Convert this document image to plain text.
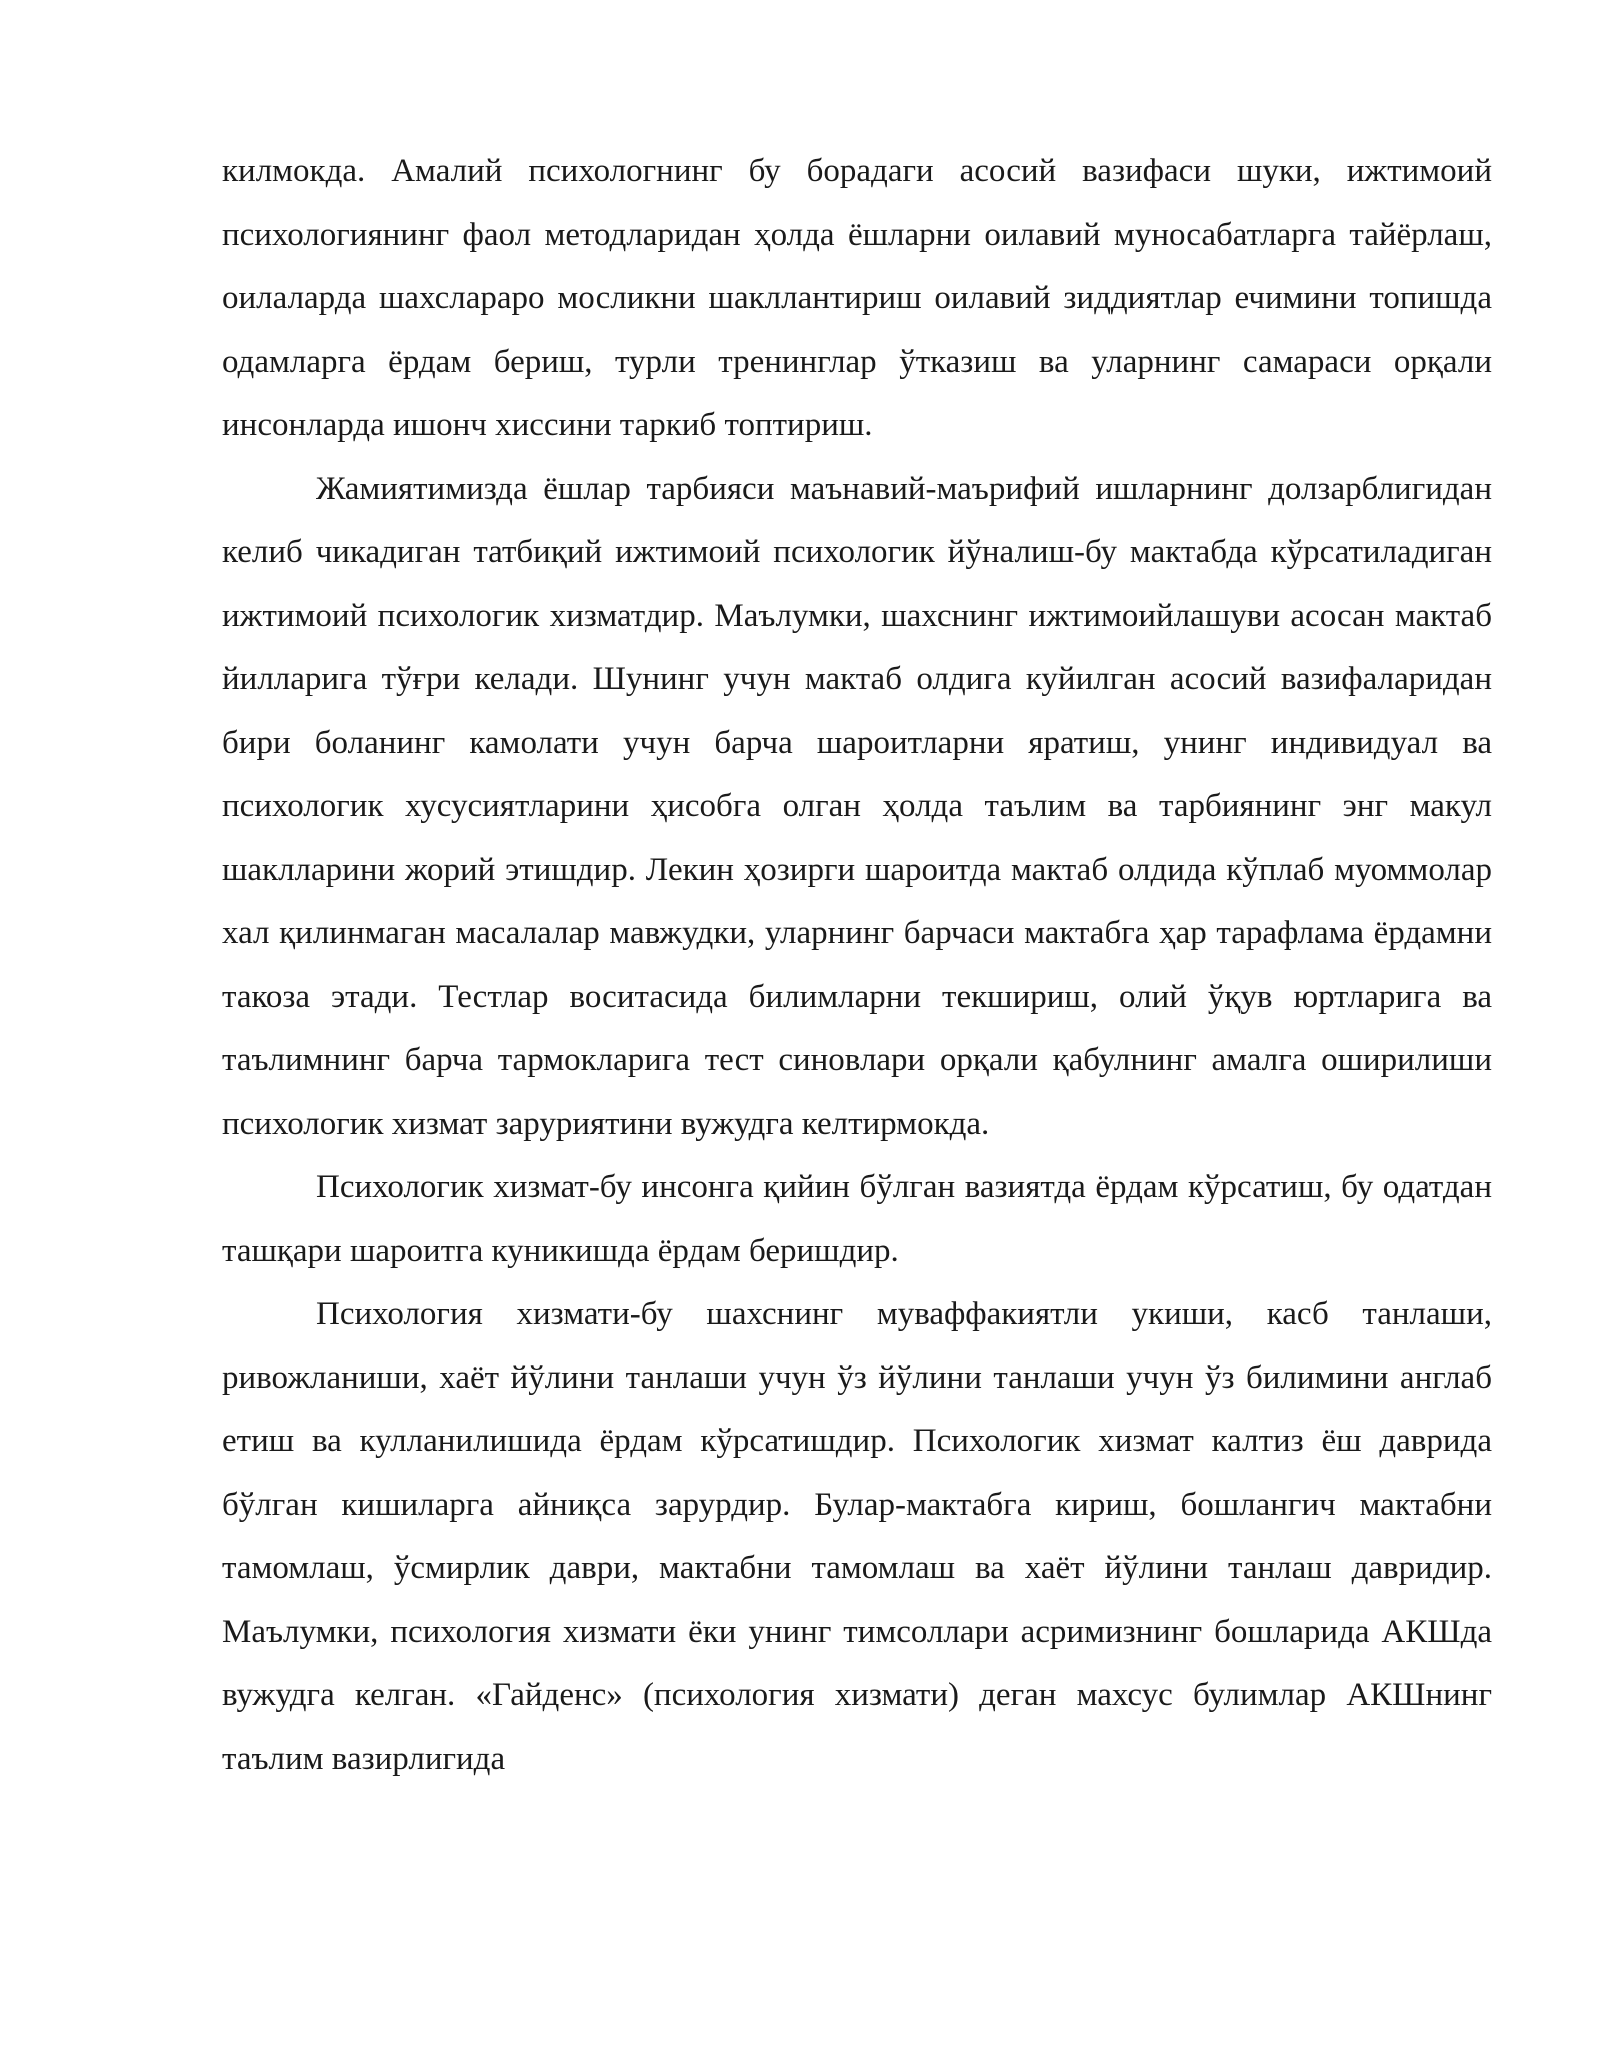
килмокда. Амалий психологнинг бу борадаги асосий вазифаси шуки, ижтимоий психологиянинг фаол методларидан ҳолда ёшларни оилавий муносабатларга тайёрлаш, оилаларда шахслараро мосликни шакллантириш оилавий зиддиятлар ечимини топишда одамларга ёрдам бериш, турли тренинглар ўтказиш ва уларнинг самараси орқали инсонларда ишонч хиссини таркиб топтириш.

Жамиятимизда ёшлар тарбияси маънавий-маърифий ишларнинг долзарблигидан келиб чикадиган татбиқий ижтимоий психологик йўналиш-бу мактабда кўрсатиладиган ижтимоий психологик хизматдир. Маълумки, шахснинг ижтимоийлашуви асосан мактаб йилларига тўғри келади. Шунинг учун мактаб олдига куйилган асосий вазифаларидан бири боланинг камолати учун барча шароитларни яратиш, унинг индивидуал ва психологик хусусиятларини ҳисобга олган ҳолда таълим ва тарбиянинг энг макул шаклларини жорий этишдир. Лекин ҳозирги шароитда мактаб олдида кўплаб муоммолар хал қилинмаган масалалар мавжудки, уларнинг барчаси мактабга ҳар тарафлама ёрдамни такоза этади. Тестлар воситасида билимларни текшириш, олий ўқув юртларига ва таълимнинг барча тармокларига тест синовлари орқали қабулнинг амалга оширилиши психологик хизмат заруриятини вужудга келтирмокда.

Психологик хизмат-бу инсонга қийин бўлган вазиятда ёрдам кўрсатиш, бу одатдан ташқари шароитга куникишда ёрдам беришдир.

Психология хизмати-бу шахснинг муваффакиятли укиши, касб танлаши, ривожланиши, хаёт йўлини танлаши учун ўз йўлини танлаши учун ўз билимини англаб етиш ва кулланилишида ёрдам кўрсатишдир. Психологик хизмат калтиз ёш даврида бўлган кишиларга айниқса зарурдир. Булар-мактабга кириш, бошлангич мактабни тамомлаш, ўсмирлик даври, мактабни тамомлаш ва хаёт йўлини танлаш давридир. Маълумки, психология хизмати ёки унинг тимсоллари асримизнинг бошларида АКШда вужудга келган. «Гайденс» (психология хизмати) деган махсус булимлар АКШнинг таълим вазирлигида
